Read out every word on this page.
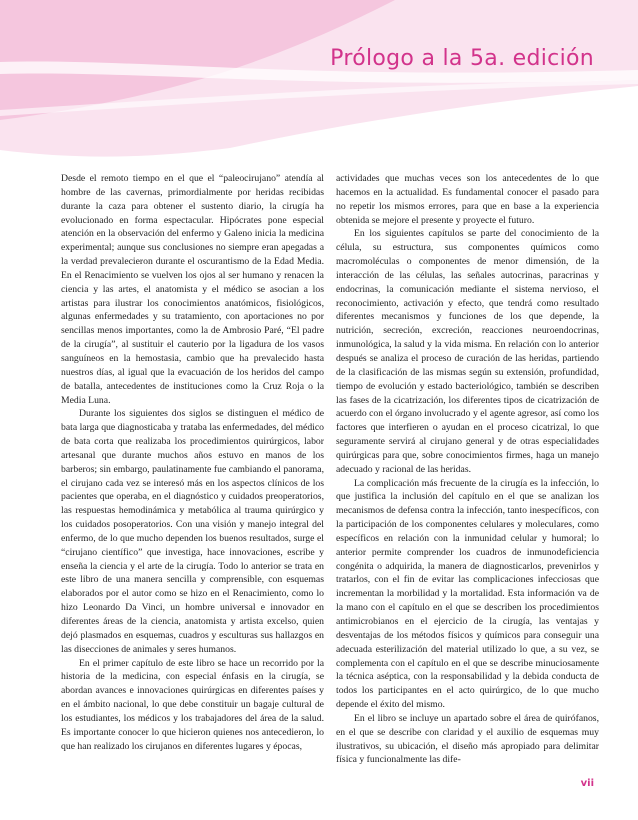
Prólogo a la 5a. edición

Desde el remoto tiempo en el que el “paleocirujano” atendía al hombre de las cavernas, primordialmente por heridas recibidas durante la caza para obtener el sustento diario, la cirugía ha evolucionado en forma espectacular. Hipócrates pone especial atención en la observación del enfermo y Galeno inicia la medicina experimental; aunque sus conclusiones no siempre eran apegadas a la verdad prevalecieron durante el oscurantismo de la Edad Media. En el Renacimiento se vuelven los ojos al ser humano y renacen la ciencia y las artes, el anatomista y el médico se asocian a los artistas para ilustrar los conocimientos anatómicos, fisiológicos, algunas enfermedades y su tratamiento, con aportaciones no por sencillas menos importantes, como la de Ambrosio Paré, “El padre de la cirugía”, al sustituir el cauterio por la ligadura de los vasos sanguíneos en la hemostasia, cambio que ha prevalecido hasta nuestros días, al igual que la evacuación de los heridos del campo de batalla, antecedentes de instituciones como la Cruz Roja o la Media Luna.

Durante los siguientes dos siglos se distinguen el médico de bata larga que diagnosticaba y trataba las enfermedades, del médico de bata corta que realizaba los procedimientos quirúrgicos, labor artesanal que durante muchos años estuvo en manos de los barberos; sin embargo, paulatinamente fue cambiando el panorama, el cirujano cada vez se interesó más en los aspectos clínicos de los pacientes que operaba, en el diagnóstico y cuidados preoperatorios, las respuestas hemodinámica y metabólica al trauma quirúrgico y los cuidados posoperatorios. Con una visión y manejo integral del enfermo, de lo que mucho dependen los buenos resultados, surge el “cirujano científico” que investiga, hace innovaciones, escribe y enseña la ciencia y el arte de la cirugía. Todo lo anterior se trata en este libro de una manera sencilla y comprensible, con esquemas elaborados por el autor como se hizo en el Renacimiento, como lo hizo Leonardo Da Vinci, un hombre universal e innovador en diferentes áreas de la ciencia, anatomista y artista excelso, quien dejó plasmados en esquemas, cuadros y esculturas sus hallazgos en las disecciones de animales y seres humanos.

En el primer capítulo de este libro se hace un recorrido por la historia de la medicina, con especial énfasis en la cirugía, se abordan avances e innovaciones quirúrgicas en diferentes países y en el ámbito nacional, lo que debe constituir un bagaje cultural de los estudiantes, los médicos y los trabajadores del área de la salud. Es importante conocer lo que hicieron quienes nos antecedieron, lo que han realizado los cirujanos en diferentes lugares y épocas,

actividades que muchas veces son los antecedentes de lo que hacemos en la actualidad. Es fundamental conocer el pasado para no repetir los mismos errores, para que en base a la experiencia obtenida se mejore el presente y proyecte el futuro.

En los siguientes capítulos se parte del conocimiento de la célula, su estructura, sus componentes químicos como macromoléculas o componentes de menor dimensión, de la interacción de las células, las señales autocrinas, paracrinas y endocrinas, la comunicación mediante el sistema nervioso, el reconocimiento, activación y efecto, que tendrá como resultado diferentes mecanismos y funciones de los que depende, la nutrición, secreción, excreción, reacciones neuroendocrinas, inmunológica, la salud y la vida misma. En relación con lo anterior después se analiza el proceso de curación de las heridas, partiendo de la clasificación de las mismas según su extensión, profundidad, tiempo de evolución y estado bacteriológico, también se describen las fases de la cicatrización, los diferentes tipos de cicatrización de acuerdo con el órgano involucrado y el agente agresor, así como los factores que interfieren o ayudan en el proceso cicatrizal, lo que seguramente servirá al cirujano general y de otras especialidades quirúrgicas para que, sobre conocimientos firmes, haga un manejo adecuado y racional de las heridas.

La complicación más frecuente de la cirugía es la infección, lo que justifica la inclusión del capítulo en el que se analizan los mecanismos de defensa contra la infección, tanto inespecíficos, con la participación de los componentes celulares y moleculares, como específicos en relación con la inmunidad celular y humoral; lo anterior permite comprender los cuadros de inmunodeficiencia congénita o adquirida, la manera de diagnosticarlos, prevenirlos y tratarlos, con el fin de evitar las complicaciones infecciosas que incrementan la morbilidad y la mortalidad. Esta información va de la mano con el capítulo en el que se describen los procedimientos antimicrobianos en el ejercicio de la cirugía, las ventajas y desventajas de los métodos físicos y químicos para conseguir una adecuada esterilización del material utilizado lo que, a su vez, se complementa con el capítulo en el que se describe minuciosamente la técnica aséptica, con la responsabilidad y la debida conducta de todos los participantes en el acto quirúrgico, de lo que mucho depende el éxito del mismo.

En el libro se incluye un apartado sobre el área de quirófanos, en el que se describe con claridad y el auxilio de esquemas muy ilustrativos, su ubicación, el diseño más apropiado para delimitar física y funcionalmente las dife-

vii
